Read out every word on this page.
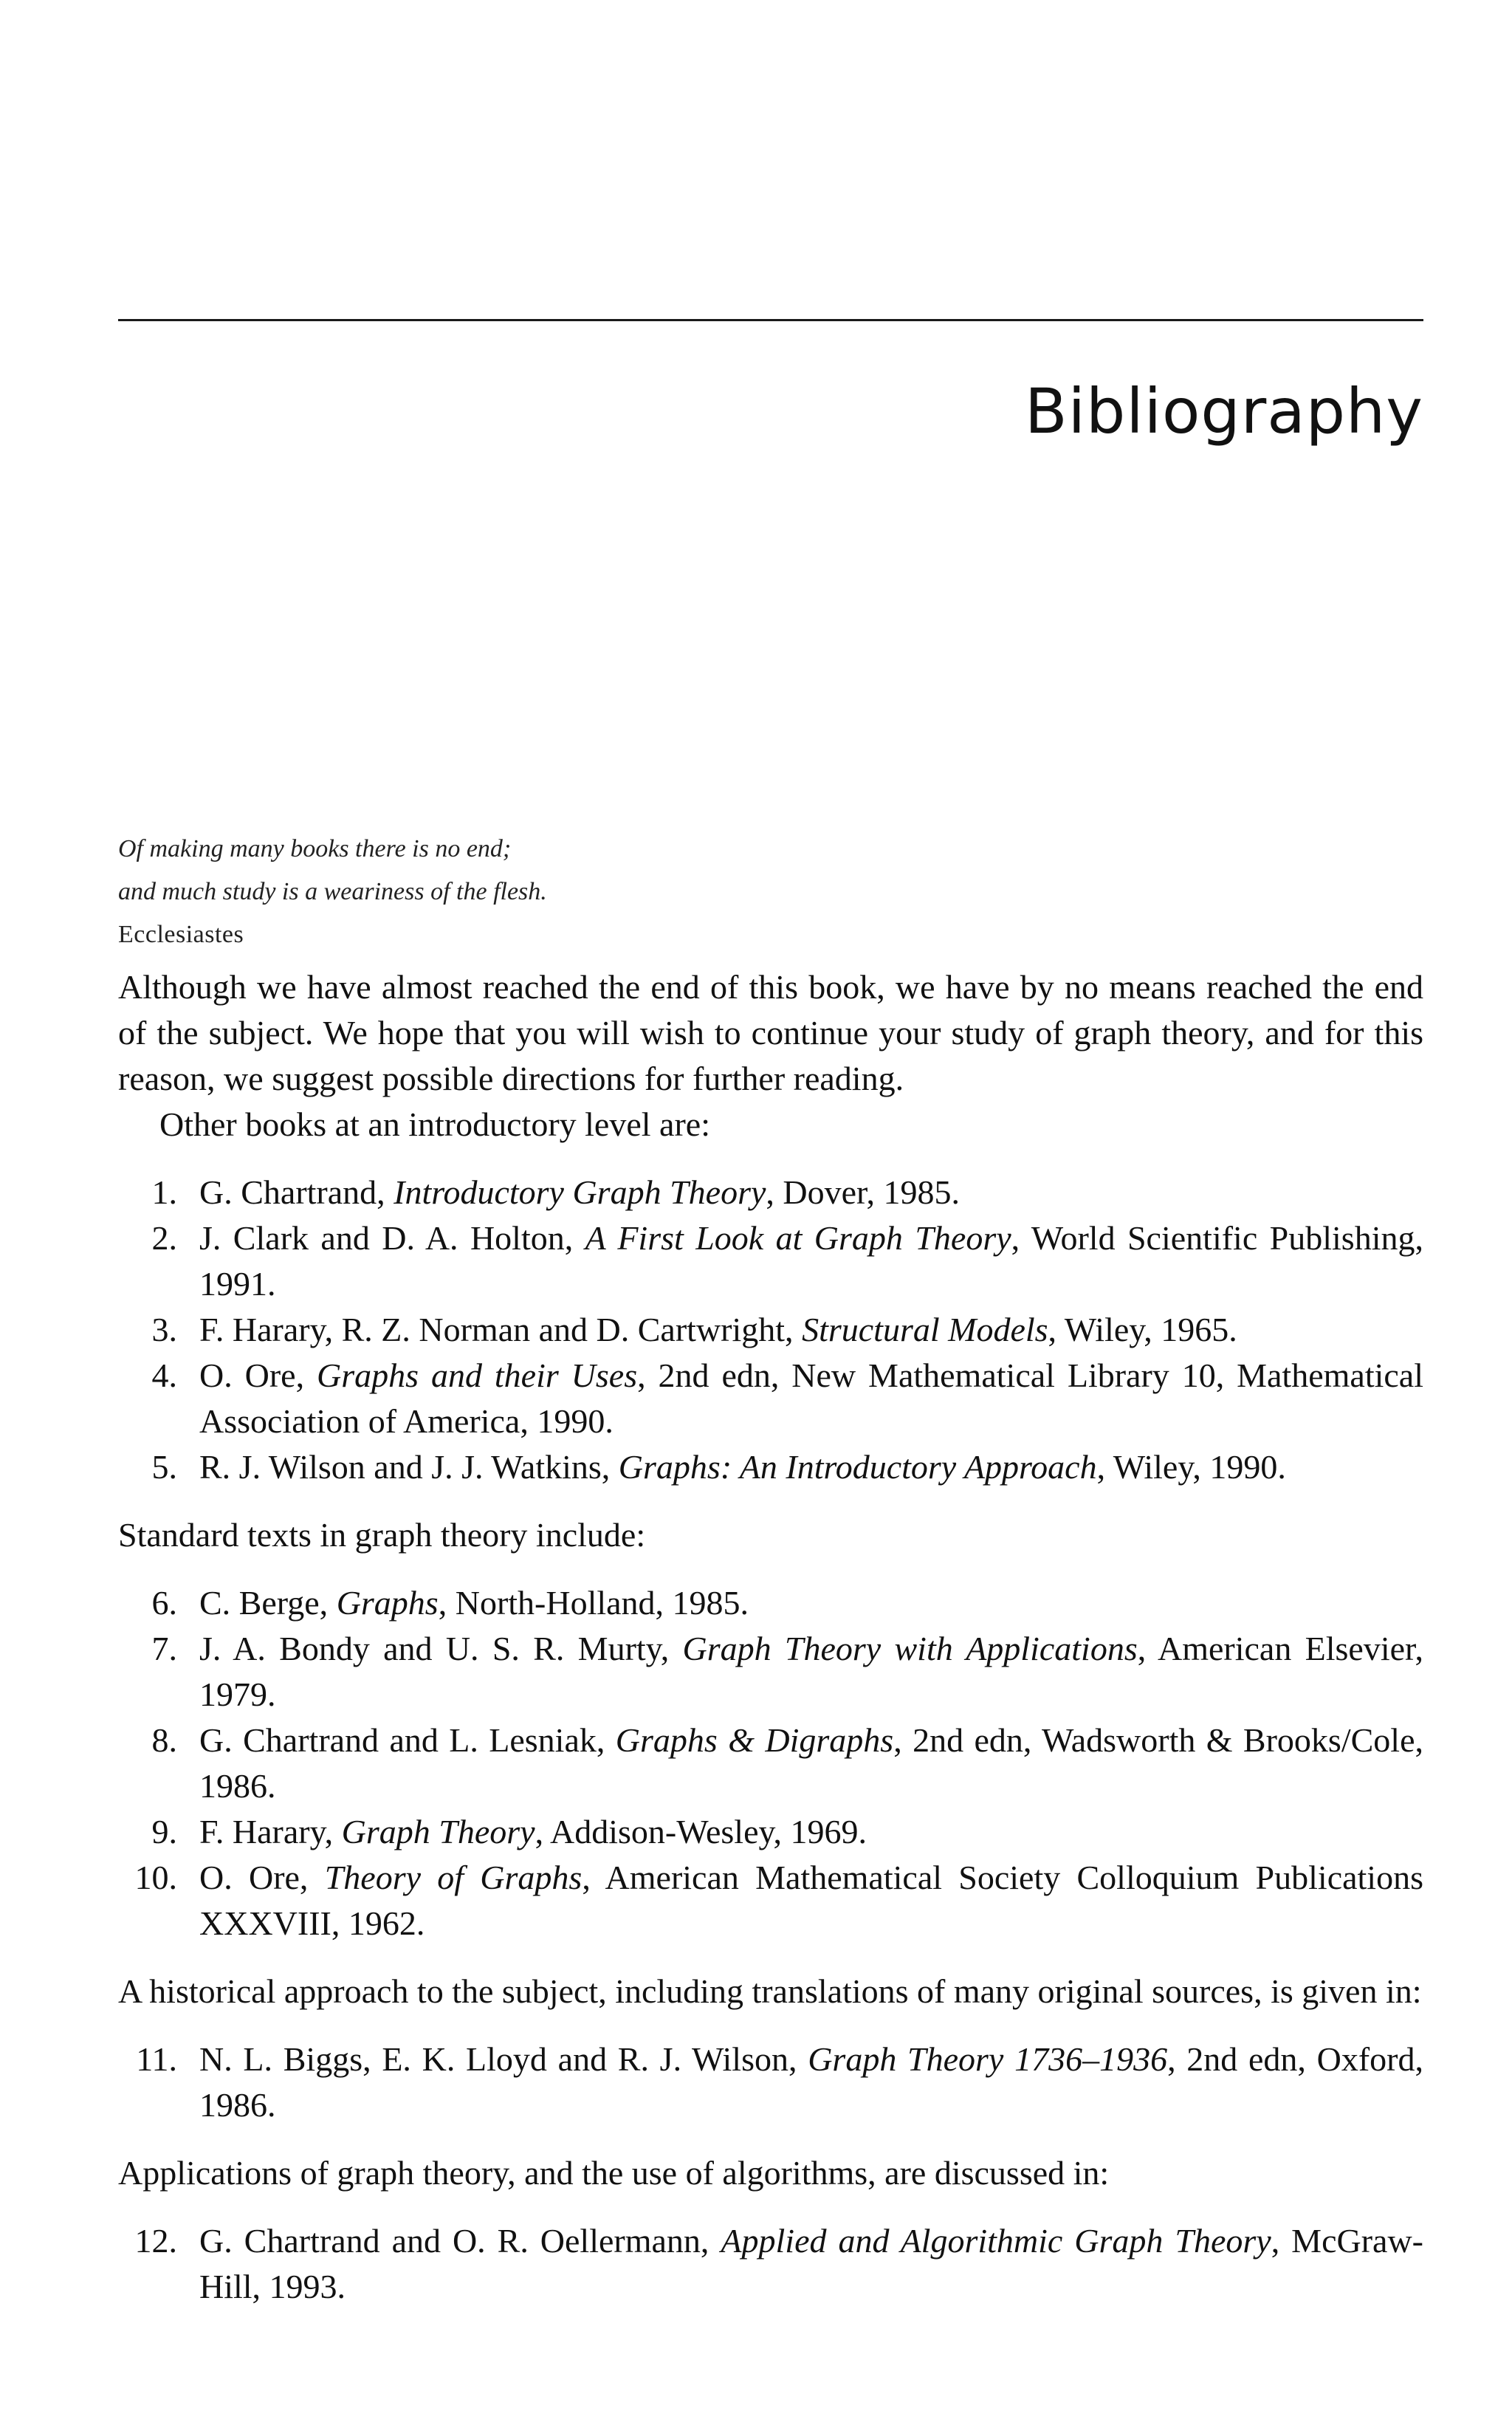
Bibliography
Of making many books there is no end;
and much study is a weariness of the flesh.
Ecclesiastes

Although we have almost reached the end of this book, we have by no means reached the end of the subject. We hope that you will wish to continue your study of graph theory, and for this reason, we suggest possible directions for further reading.

Other books at an introductory level are:

1. G. Chartrand, Introductory Graph Theory, Dover, 1985.
2. J. Clark and D. A. Holton, A First Look at Graph Theory, World Scientific Publishing, 1991.
3. F. Harary, R. Z. Norman and D. Cartwright, Structural Models, Wiley, 1965.
4. O. Ore, Graphs and their Uses, 2nd edn, New Mathematical Library 10, Mathematical Association of America, 1990.
5. R. J. Wilson and J. J. Watkins, Graphs: An Introductory Approach, Wiley, 1990.

Standard texts in graph theory include:

6. C. Berge, Graphs, North-Holland, 1985.
7. J. A. Bondy and U. S. R. Murty, Graph Theory with Applications, American Elsevier, 1979.
8. G. Chartrand and L. Lesniak, Graphs & Digraphs, 2nd edn, Wadsworth & Brooks/Cole, 1986.
9. F. Harary, Graph Theory, Addison-Wesley, 1969.
10. O. Ore, Theory of Graphs, American Mathematical Society Colloquium Publications XXXVIII, 1962.

A historical approach to the subject, including translations of many original sources, is given in:

11. N. L. Biggs, E. K. Lloyd and R. J. Wilson, Graph Theory 1736–1936, 2nd edn, Oxford, 1986.

Applications of graph theory, and the use of algorithms, are discussed in:

12. G. Chartrand and O. R. Oellermann, Applied and Algorithmic Graph Theory, McGraw-Hill, 1993.
